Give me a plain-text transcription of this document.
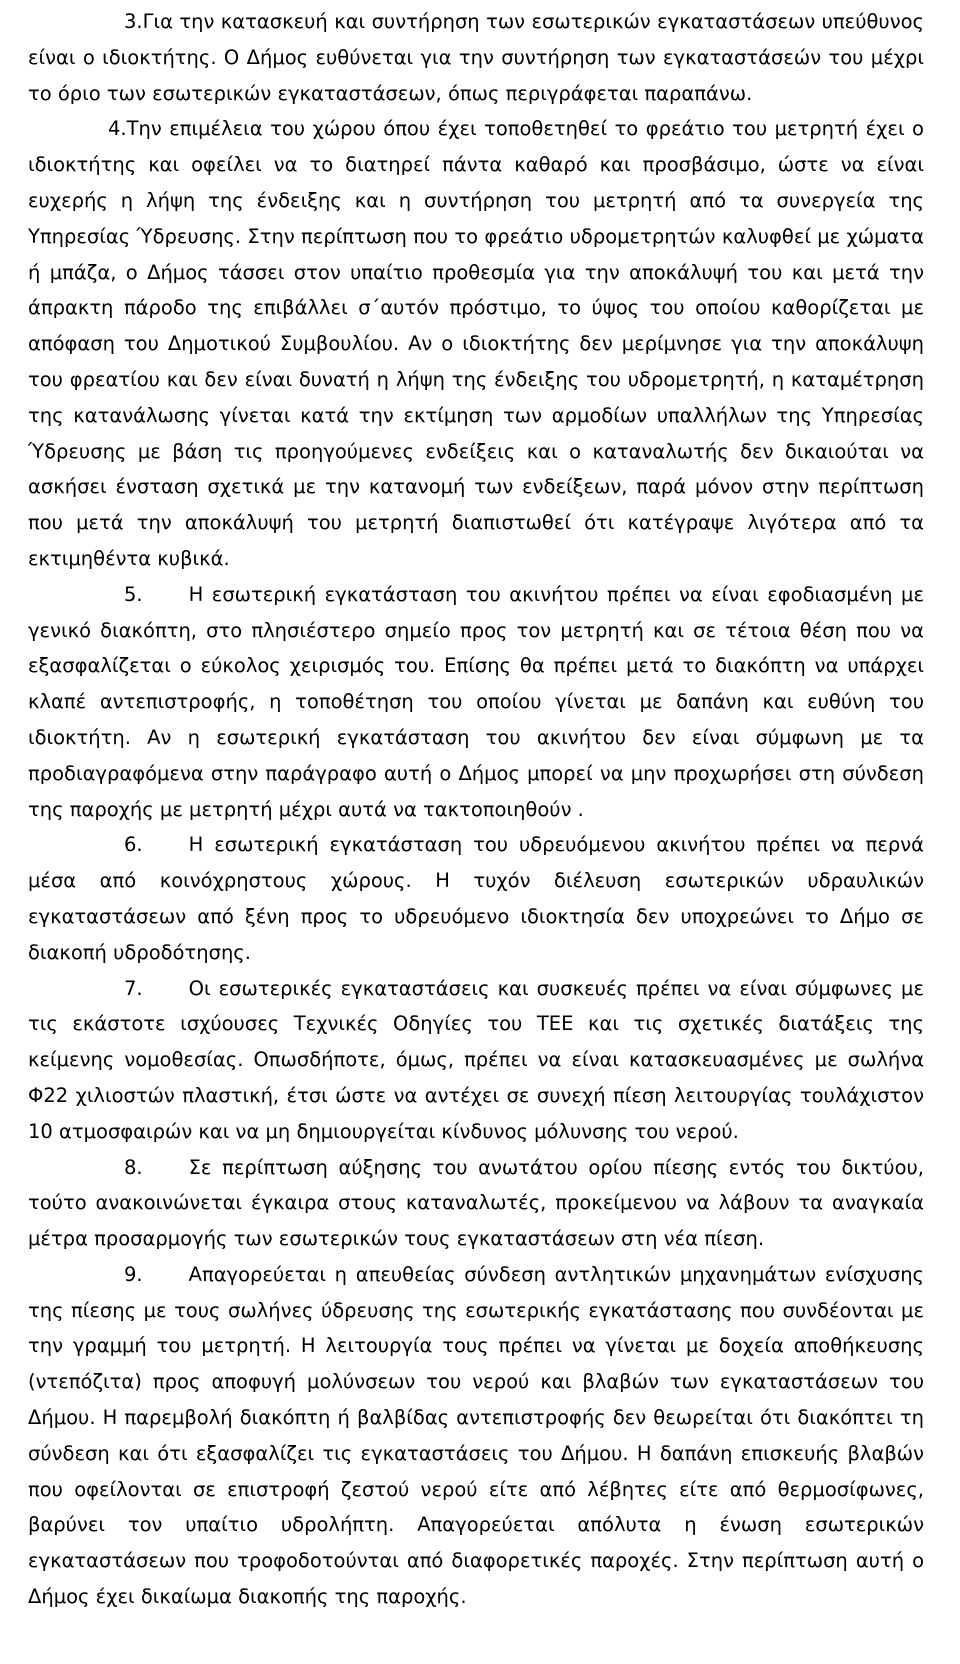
3.Για την κατασκευή και συντήρηση των εσωτερικών εγκαταστάσεων υπεύθυνος είναι ο ιδιοκτήτης. Ο Δήμος ευθύνεται για την συντήρηση των εγκαταστάσεών του μέχρι το όριο των εσωτερικών εγκαταστάσεων, όπως περιγράφεται παραπάνω.

4.Την επιμέλεια του χώρου όπου έχει τοποθετηθεί το φρεάτιο του μετρητή έχει ο ιδιοκτήτης και οφείλει να το διατηρεί πάντα καθαρό και προσβάσιμο, ώστε να είναι ευχερής η λήψη της ένδειξης και η συντήρηση του μετρητή από τα συνεργεία της Υπηρεσίας Ύδρευσης. Στην περίπτωση που το φρεάτιο υδρομετρητών καλυφθεί με χώματα ή μπάζα, ο Δήμος τάσσει στον υπαίτιο προθεσμία για την αποκάλυψή του και μετά την άπρακτη πάροδο της επιβάλλει σ΄αυτόν πρόστιμο, το ύψος του οποίου καθορίζεται με απόφαση του Δημοτικού Συμβουλίου. Αν ο ιδιοκτήτης δεν μερίμνησε για την αποκάλυψη του φρεατίου και δεν είναι δυνατή η λήψη της ένδειξης του υδρομετρητή, η καταμέτρηση της κατανάλωσης γίνεται κατά την εκτίμηση των αρμοδίων υπαλλήλων της Υπηρεσίας Ύδρευσης με βάση τις προηγούμενες ενδείξεις και ο καταναλωτής δεν δικαιούται να ασκήσει ένσταση σχετικά με την κατανομή των ενδείξεων, παρά μόνον στην περίπτωση που μετά την αποκάλυψή του μετρητή διαπιστωθεί ότι κατέγραψε λιγότερα από τα εκτιμηθέντα κυβικά.

5. Η εσωτερική εγκατάσταση του ακινήτου πρέπει να είναι εφοδιασμένη με γενικό διακόπτη, στο πλησιέστερο σημείο προς τον μετρητή και σε τέτοια θέση που να εξασφαλίζεται ο εύκολος χειρισμός του. Επίσης θα πρέπει μετά το διακόπτη να υπάρχει κλαπέ αντεπιστροφής, η τοποθέτηση του οποίου γίνεται με δαπάνη και ευθύνη του ιδιοκτήτη. Αν η εσωτερική εγκατάσταση του ακινήτου δεν είναι σύμφωνη με τα προδιαγραφόμενα στην παράγραφο αυτή ο Δήμος μπορεί να μην προχωρήσει στη σύνδεση της παροχής με μετρητή μέχρι αυτά να τακτοποιηθούν .

6. Η εσωτερική εγκατάσταση του υδρευόμενου ακινήτου πρέπει να περνά μέσα από κοινόχρηστους χώρους. Η τυχόν διέλευση εσωτερικών υδραυλικών εγκαταστάσεων από ξένη προς το υδρευόμενο ιδιοκτησία δεν υποχρεώνει το Δήμο σε διακοπή υδροδότησης.

7. Οι εσωτερικές εγκαταστάσεις και συσκευές πρέπει να είναι σύμφωνες με τις εκάστοτε ισχύουσες Τεχνικές Οδηγίες του ΤΕΕ και τις σχετικές διατάξεις της κείμενης νομοθεσίας. Οπωσδήποτε, όμως, πρέπει να είναι κατασκευασμένες με σωλήνα Φ22 χιλιοστών πλαστική, έτσι ώστε να αντέχει σε συνεχή πίεση λειτουργίας τουλάχιστον 10 ατμοσφαιρών και να μη δημιουργείται κίνδυνος μόλυνσης του νερού.

8. Σε περίπτωση αύξησης του ανωτάτου ορίου πίεσης εντός του δικτύου, τούτο ανακοινώνεται έγκαιρα στους καταναλωτές, προκείμενου να λάβουν τα αναγκαία μέτρα προσαρμογής των εσωτερικών τους εγκαταστάσεων στη νέα πίεση.

9. Απαγορεύεται η απευθείας σύνδεση αντλητικών μηχανημάτων ενίσχυσης της πίεσης με τους σωλήνες ύδρευσης της εσωτερικής εγκατάστασης που συνδέονται με την γραμμή του μετρητή. Η λειτουργία τους πρέπει να γίνεται με δοχεία αποθήκευσης (ντεπόζιτα) προς αποφυγή μολύνσεων του νερού και βλαβών των εγκαταστάσεων του Δήμου. Η παρεμβολή διακόπτη ή βαλβίδας αντεπιστροφής δεν θεωρείται ότι διακόπτει τη σύνδεση και ότι εξασφαλίζει τις εγκαταστάσεις του Δήμου. Η δαπάνη επισκευής βλαβών που οφείλονται σε επιστροφή ζεστού νερού είτε από λέβητες είτε από θερμοσίφωνες, βαρύνει τον υπαίτιο υδρολήπτη. Απαγορεύεται απόλυτα η ένωση εσωτερικών εγκαταστάσεων που τροφοδοτούνται από διαφορετικές παροχές. Στην περίπτωση αυτή ο Δήμος έχει δικαίωμα διακοπής της παροχής.
